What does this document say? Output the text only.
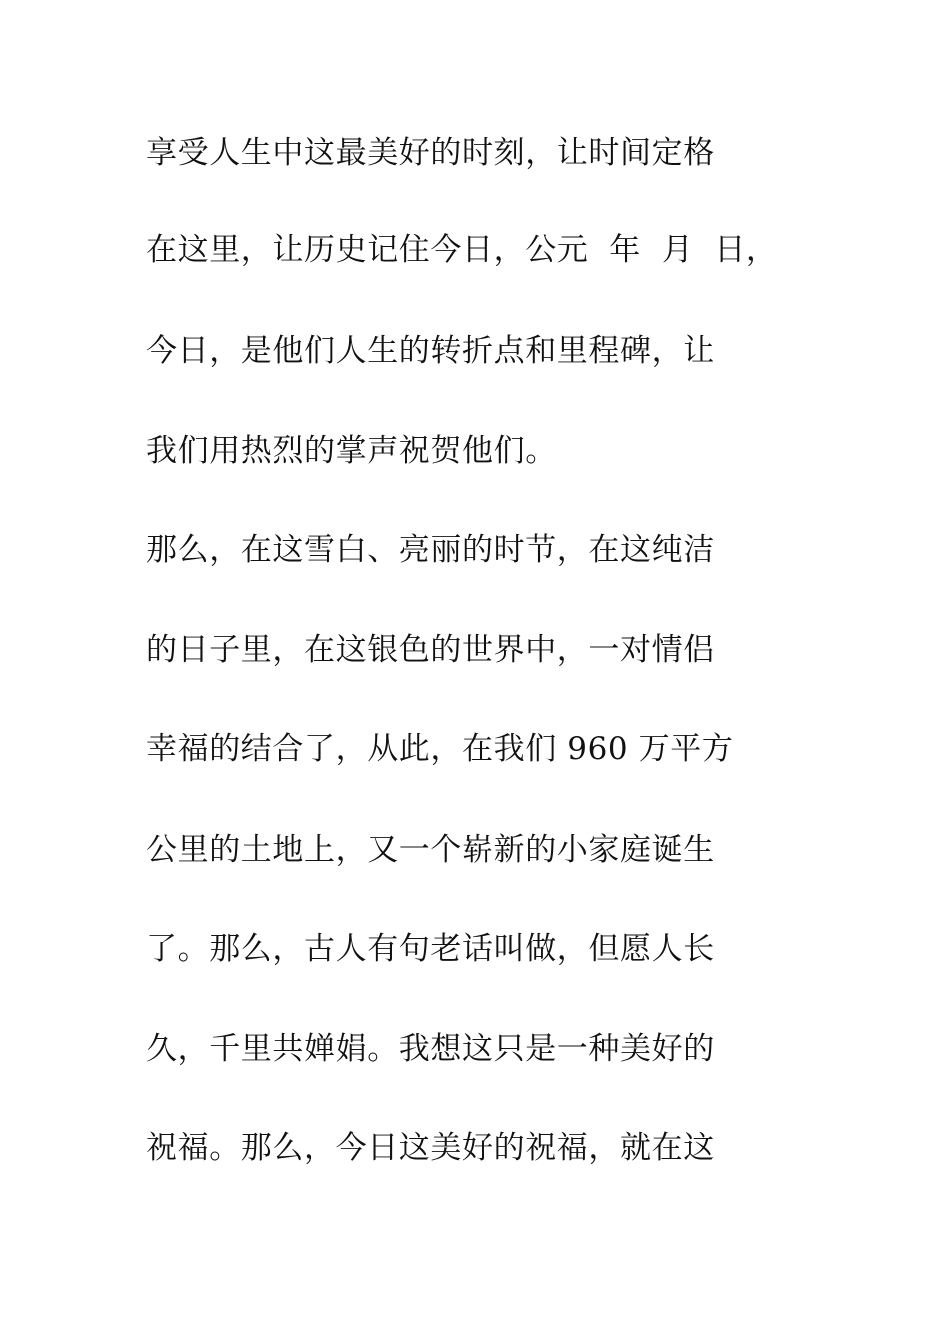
享受人生中这最美好的时刻，让时间定格
在这里，让历史记住今日，公元  年  月  日，
今日，是他们人生的转折点和里程碑，让
我们用热烈的掌声祝贺他们。
那么，在这雪白、亮丽的时节，在这纯洁
的日子里，在这银色的世界中，一对情侣
幸福的结合了，从此，在我们 960 万平方
公里的土地上，又一个崭新的小家庭诞生
了。那么，古人有句老话叫做，但愿人长
久，千里共婵娟。我想这只是一种美好的
祝福。那么，今日这美好的祝福，就在这
